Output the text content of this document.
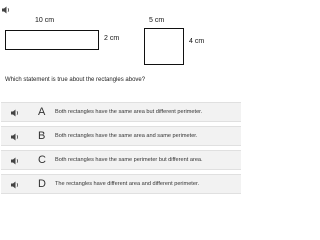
10 cm
2 cm
5 cm
4 cm
Which statement is true about the rectangles above?
A Both rectangles have the same area but different perimeter.
B Both rectangles have the same area and same perimeter.
C Both rectangles have the same perimeter but different area.
D The rectangles have different area and different perimeter.
